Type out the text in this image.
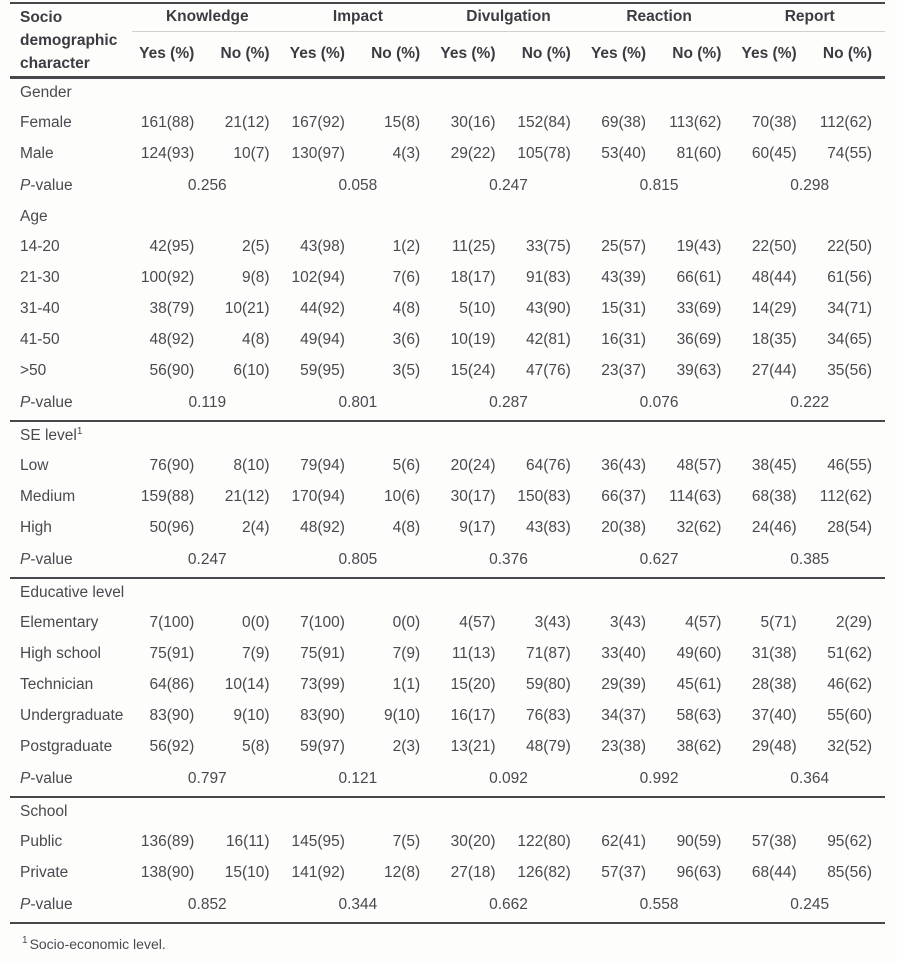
Socio demographic character	Knowledge		Impact		Divulgation		Reaction		Report	
	Yes (%)	No (%)	Yes (%)	No (%)	Yes (%)	No (%)	Yes (%)	No (%)	Yes (%)	No (%)
Gender										
Female	161(88)	21(12)	167(92)	15(8)	30(16)	152(84)	69(38)	113(62)	70(38)	112(62)
Male	124(93)	10(7)	130(97)	4(3)	29(22)	105(78)	53(40)	81(60)	60(45)	74(55)
P-value	0.256		0.058		0.247		0.815		0.298	
Age										
14-20	42(95)	2(5)	43(98)	1(2)	11(25)	33(75)	25(57)	19(43)	22(50)	22(50)
21-30	100(92)	9(8)	102(94)	7(6)	18(17)	91(83)	43(39)	66(61)	48(44)	61(56)
31-40	38(79)	10(21)	44(92)	4(8)	5(10)	43(90)	15(31)	33(69)	14(29)	34(71)
41-50	48(92)	4(8)	49(94)	3(6)	10(19)	42(81)	16(31)	36(69)	18(35)	34(65)
>50	56(90)	6(10)	59(95)	3(5)	15(24)	47(76)	23(37)	39(63)	27(44)	35(56)
P-value	0.119		0.801		0.287		0.076		0.222	
SE level$^1$
Low	76(90)	8(10)	79(94)	5(6)	20(24)	64(76)	36(43)	48(57)	38(45)	46(55)
Medium	159(88)	21(12)	170(94)	10(6)	30(17)	150(83)	66(37)	114(63)	68(38)	112(62)
High	50(96)	2(4)	48(92)	4(8)	9(17)	43(83)	20(38)	32(62)	24(46)	28(54)
P-value	0.247		0.805		0.376		0.627		0.385	
Educative level										
Elementary	7(100)	0(0)	7(100)	0(0)	4(57)	3(43)	3(43)	4(57)	5(71)	2(29)
High school	75(91)	7(9)	75(91)	7(9)	11(13)	71(87)	33(40)	49(60)	31(38)	51(62)
Technician	64(86)	10(14)	73(99)	1(1)	15(20)	59(80)	29(39)	45(61)	28(38)	46(62)
Undergraduate	83(90)	9(10)	83(90)	9(10)	16(17)	76(83)	34(37)	58(63)	37(40)	55(60)
Postgraduate	56(92)	5(8)	59(97)	2(3)	13(21)	48(79)	23(38)	38(62)	29(48)	32(52)
P-value	0.797		0.121		0.092		0.992		0.364	
School										
Public	136(89)	16(11)	145(95)	7(5)	30(20)	122(80)	62(41)	90(59)	57(38)	95(62)
Private	138(90)	15(10)	141(92)	12(8)	27(18)	126(82)	57(37)	96(63)	68(44)	85(56)
P-value	0.852		0.344		0.662		0.558		0.245	
$^1$ Socio-economic level.
